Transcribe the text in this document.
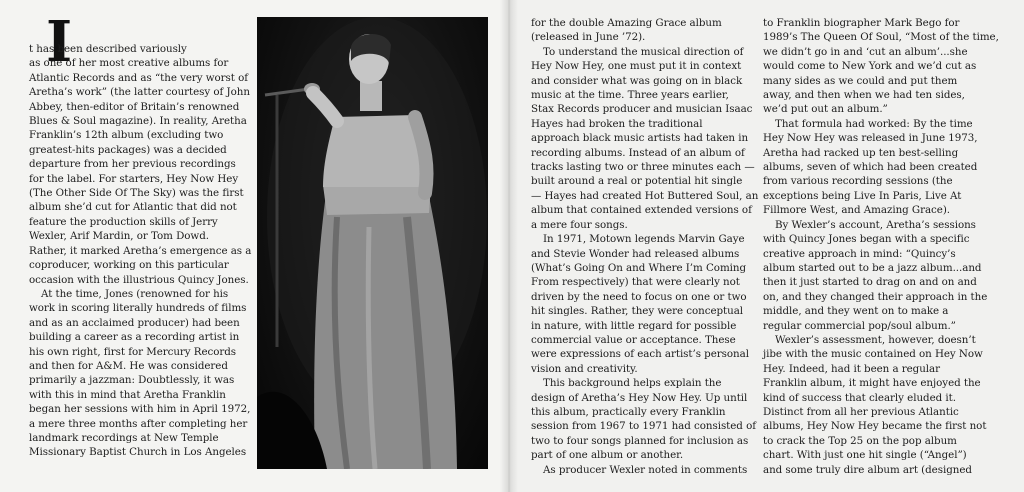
I
t has been described variously
as one of her most creative albums for
Atlantic Records and as “the very worst of
Aretha’s work” (the latter courtesy of John
Abbey, then-editor of Britain’s renowned
Blues & Soul magazine). In reality, Aretha
Franklin’s 12th album (excluding two
greatest-hits packages) was a decided
departure from her previous recordings
for the label. For starters, Hey Now Hey
(The Other Side Of The Sky) was the first
album she’d cut for Atlantic that did not
feature the production skills of Jerry
Wexler, Arif Mardin, or Tom Dowd.
Rather, it marked Aretha’s emergence as a
coproducer, working on this particular
occasion with the illustrious Quincy Jones.
At the time, Jones (renowned for his
work in scoring literally hundreds of films
and as an acclaimed producer) had been
building a career as a recording artist in
his own right, first for Mercury Records
and then for A&M. He was considered
primarily a jazzman: Doubtlessly, it was
with this in mind that Aretha Franklin
began her sessions with him in April 1972,
a mere three months after completing her
landmark recordings at New Temple
Missionary Baptist Church in Los Angeles
for the double Amazing Grace album
(released in June ’72).
To understand the musical direction of
Hey Now Hey, one must put it in context
and consider what was going on in black
music at the time. Three years earlier,
Stax Records producer and musician Isaac
Hayes had broken the traditional
approach black music artists had taken in
recording albums. Instead of an album of
tracks lasting two or three minutes each —
built around a real or potential hit single
— Hayes had created Hot Buttered Soul, an
album that contained extended versions of
a mere four songs.
In 1971, Motown legends Marvin Gaye
and Stevie Wonder had released albums
(What’s Going On and Where I’m Coming
From respectively) that were clearly not
driven by the need to focus on one or two
hit singles. Rather, they were conceptual
in nature, with little regard for possible
commercial value or acceptance. These
were expressions of each artist’s personal
vision and creativity.
This background helps explain the
design of Aretha’s Hey Now Hey. Up until
this album, practically every Franklin
session from 1967 to 1971 had consisted of
two to four songs planned for inclusion as
part of one album or another.
As producer Wexler noted in comments
to Franklin biographer Mark Bego for
1989’s The Queen Of Soul, “Most of the time,
we didn’t go in and ‘cut an album’...she
would come to New York and we’d cut as
many sides as we could and put them
away, and then when we had ten sides,
we’d put out an album.”
That formula had worked: By the time
Hey Now Hey was released in June 1973,
Aretha had racked up ten best-selling
albums, seven of which had been created
from various recording sessions (the
exceptions being Live In Paris, Live At
Fillmore West, and Amazing Grace).
By Wexler’s account, Aretha’s sessions
with Quincy Jones began with a specific
creative approach in mind: “Quincy’s
album started out to be a jazz album...and
then it just started to drag on and on and
on, and they changed their approach in the
middle, and they went on to make a
regular commercial pop/soul album.”
Wexler’s assessment, however, doesn’t
jibe with the music contained on Hey Now
Hey. Indeed, had it been a regular
Franklin album, it might have enjoyed the
kind of success that clearly eluded it.
Distinct from all her previous Atlantic
albums, Hey Now Hey became the first not
to crack the Top 25 on the pop album
chart. With just one hit single (“Angel”)
and some truly dire album art (designed
